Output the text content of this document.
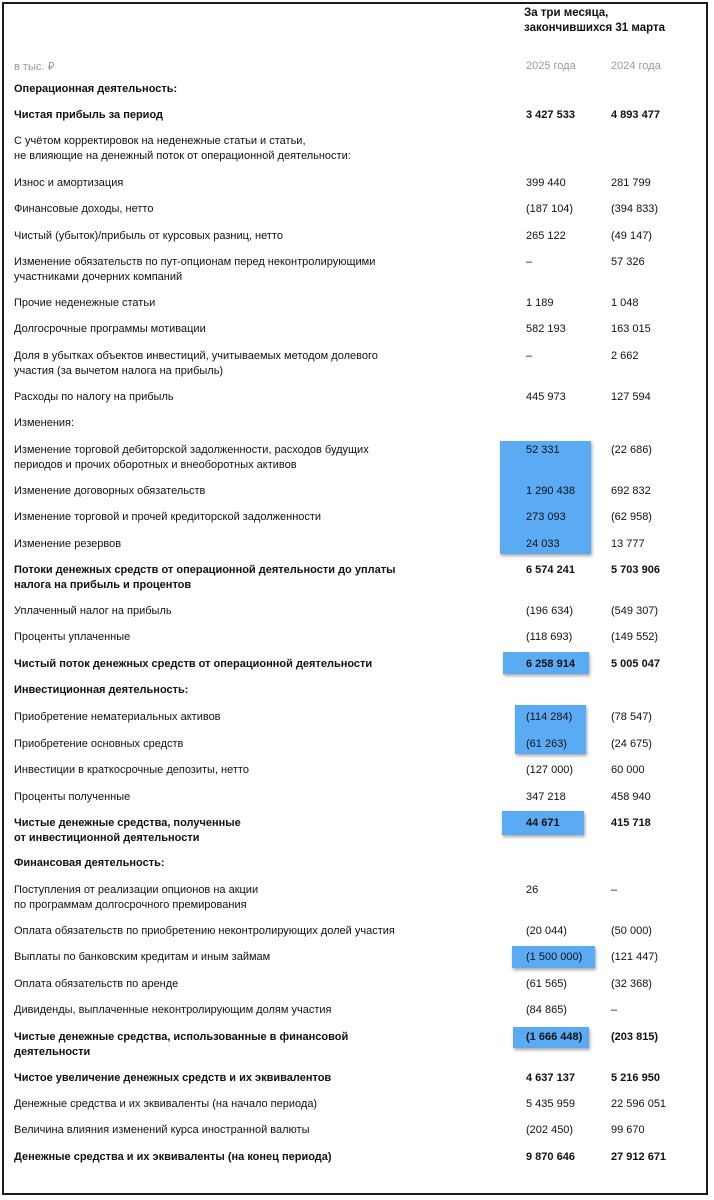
За три месяца,
закончившихся 31 марта
в тыс. ₽	2025 года	2024 года
Операционная деятельность:
Чистая прибыль за период	3 427 533	4 893 477
С учётом корректировок на неденежные статьи и статьи,
не влияющие на денежный поток от операционной деятельности:
Износ и амортизация	399 440	281 799
Финансовые доходы, нетто	(187 104)	(394 833)
Чистый (убыток)/прибыль от курсовых разниц, нетто	265 122	(49 147)
Изменение обязательств по пут-опционам перед неконтролирующими
участниками дочерних компаний
–	57 326
Прочие неденежные статьи	1 189	1 048
Долгосрочные программы мотивации	582 193	163 015
Доля в убытках объектов инвестиций, учитываемых методом долевого
участия (за вычетом налога на прибыль)
–	2 662
Расходы по налогу на прибыль	445 973	127 594
Изменения:
Изменение торговой дебиторской задолженности, расходов будущих
периодов и прочих оборотных и внеоборотных активов
52 331	(22 686)
Изменение договорных обязательств	1 290 438	692 832
Изменение торговой и прочей кредиторской задолженности	273 093	(62 958)
Изменение резервов	24 033	13 777
Потоки денежных средств от операционной деятельности до уплаты
налога на прибыль и процентов
6 574 241	5 703 906
Уплаченный налог на прибыль	(196 634)	(549 307)
Проценты уплаченные	(118 693)	(149 552)
Чистый поток денежных средств от операционной деятельности	6 258 914	5 005 047
Инвестиционная деятельность:
Приобретение нематериальных активов	(114 284)	(78 547)
Приобретение основных средств	(61 263)	(24 675)
Инвестиции в краткосрочные депозиты, нетто	(127 000)	60 000
Проценты полученные	347 218	458 940
Чистые денежные средства, полученные
от инвестиционной деятельности
44 671	415 718
Финансовая деятельность:
Поступления от реализации опционов на акции
по программам долгосрочного премирования
26	–
Оплата обязательств по приобретению неконтролирующих долей участия	(20 044)	(50 000)
Выплаты по банковским кредитам и иным займам	(1 500 000)	(121 447)
Оплата обязательств по аренде	(61 565)	(32 368)
Дивиденды, выплаченные неконтролирующим долям участия	(84 865)	–
Чистые денежные средства, использованные в финансовой
деятельности
(1 666 448)	(203 815)
Чистое увеличение денежных средств и их эквивалентов	4 637 137	5 216 950
Денежные средства и их эквиваленты (на начало периода)	5 435 959	22 596 051
Величина влияния изменений курса иностранной валюты	(202 450)	99 670
Денежные средства и их эквиваленты (на конец периода)	9 870 646	27 912 671
